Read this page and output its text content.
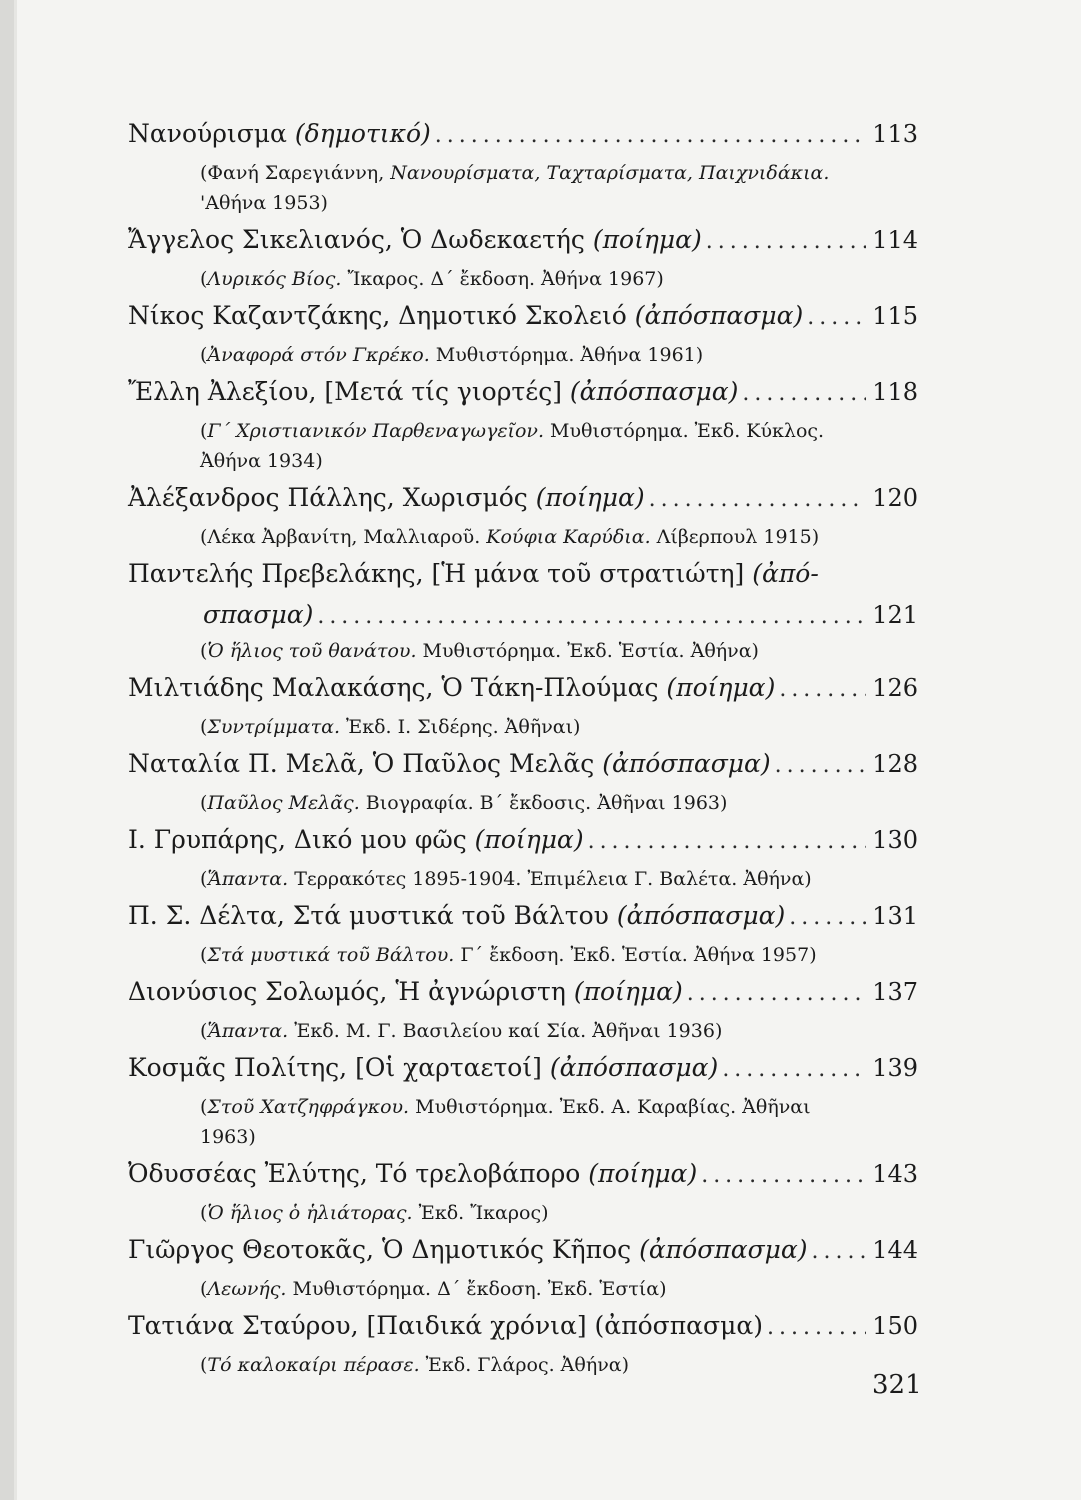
Νανούρισμα (δημοτικό) . . .	113
(Φανή Σαρεγιάννη, Νανουρίσματα, Ταχταρίσματα, Παιχνιδάκια.
'Αθήνα 1953)
Ἄγγελος Σικελιανός, Ὁ Δωδεκαετής (ποίημα) . . .	114
(Λυρικός Βίος. Ἴκαρος. Δ΄ ἔκδοση. Ἀθήνα 1967)
Νίκος Καζαντζάκης, Δημοτικό Σκολειό (ἀπόσπασμα) . . .	115
(Ἀναφορά στόν Γκρέκο. Μυθιστόρημα. Ἀθήνα 1961)
Ἔλλη Ἀλεξίου, [Μετά τίς γιορτές] (ἀπόσπασμα) . . .	118
(Γ΄ Χριστιανικόν Παρθεναγωγεῖον. Μυθιστόρημα. Ἐκδ. Κύκλος.
Ἀθήνα 1934)
Ἀλέξανδρος Πάλλης, Χωρισμός (ποίημα) . . .	120
(Λέκα Ἀρβανίτη, Μαλλιαροῦ. Κούφια Καρύδια. Λίβερπουλ 1915)
Παντελής Πρεβελάκης, [Ἡ μάνα τοῦ στρατιώτη] (ἀπό-
σπασμα) . . .	121
(Ὁ ἥλιος τοῦ θανάτου. Μυθιστόρημα. Ἐκδ. Ἑστία. Ἀθήνα)
Μιλτιάδης Μαλακάσης, Ὁ Τάκη-Πλούμας (ποίημα) . . .	126
(Συντρίμματα. Ἐκδ. Ι. Σιδέρης. Ἀθῆναι)
Ναταλία Π. Μελᾶ, Ὁ Παῦλος Μελᾶς (ἀπόσπασμα) . . .	128
(Παῦλος Μελᾶς. Βιογραφία. Β΄ ἔκδοσις. Ἀθῆναι 1963)
Ι. Γρυπάρης, Δικό μου φῶς (ποίημα) . . .	130
(Ἅπαντα. Τερρακότες 1895-1904. Ἐπιμέλεια Γ. Βαλέτα. Ἀθήνα)
Π. Σ. Δέλτα, Στά μυστικά τοῦ Βάλτου (ἀπόσπασμα) . . .	131
(Στά μυστικά τοῦ Βάλτου. Γ΄ ἔκδοση. Ἐκδ. Ἑστία. Ἀθήνα 1957)
Διονύσιος Σολωμός, Ἡ ἀγνώριστη (ποίημα) . . .	137
(Ἅπαντα. Ἐκδ. Μ. Γ. Βασιλείου καί Σία. Ἀθῆναι 1936)
Κοσμᾶς Πολίτης, [Οἱ χαρταετοί] (ἀπόσπασμα) . . .	139
(Στοῦ Χατζηφράγκου. Μυθιστόρημα. Ἐκδ. Α. Καραβίας. Ἀθῆναι
1963)
Ὀδυσσέας Ἐλύτης, Τό τρελοβάπορο (ποίημα) . . .	143
(Ὁ ἥλιος ὁ ἡλιάτορας. Ἐκδ. Ἴκαρος)
Γιῶργος Θεοτοκᾶς, Ὁ Δημοτικός Κῆπος (ἀπόσπασμα) . . .	144
(Λεωνής. Μυθιστόρημα. Δ΄ ἔκδοση. Ἐκδ. Ἑστία)
Τατιάνα Σταύρου, [Παιδικά χρόνια] (ἀπόσπασμα) . . .	150
(Τό καλοκαίρι πέρασε. Ἐκδ. Γλάρος. Ἀθήνα)
321
